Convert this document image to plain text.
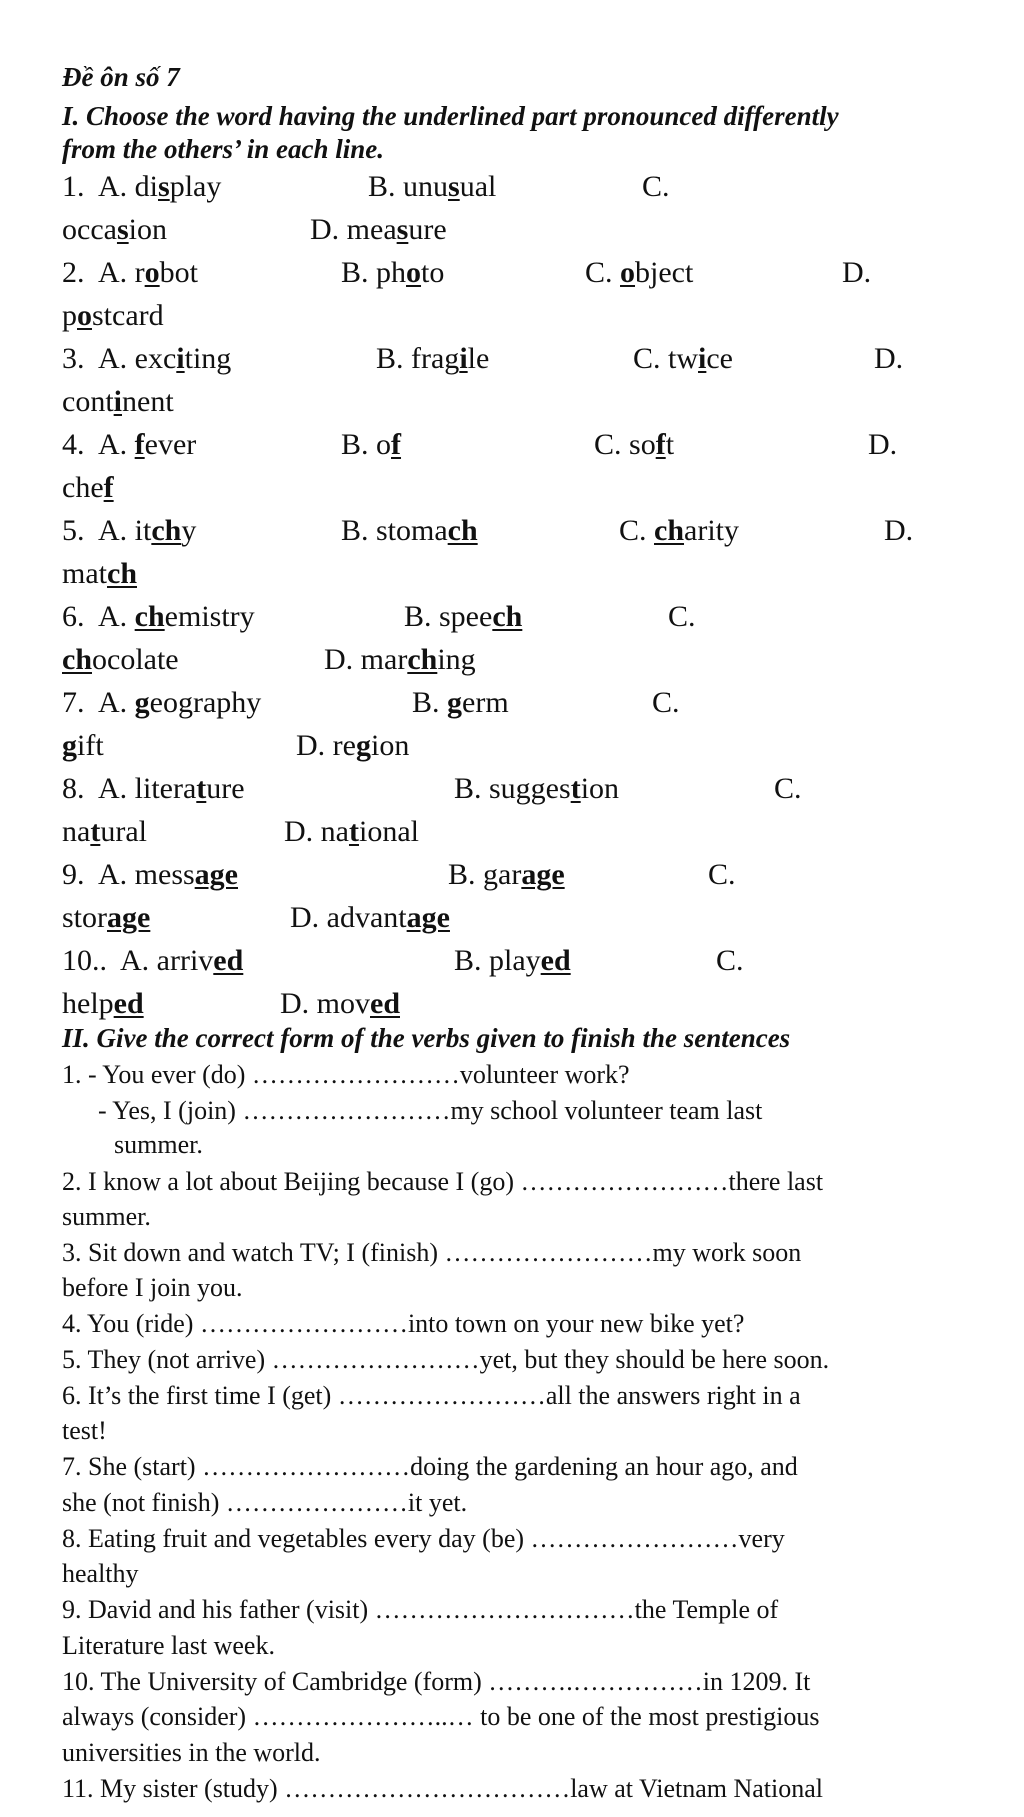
Đề ôn số 7
I. Choose the word having the underlined part pronounced differently
from the others’ in each line.
1. A. display	B. unusual	C.
occasion	D. measure
2. A. robot	B. photo	C. object	D.
postcard
3. A. exciting	B. fragile	C. twice	D.
continent
4. A. fever	B. of	C. soft	D.
chef
5. A. itchy	B. stomach	C. charity	D.
match
6. A. chemistry	B. speech	C.
chocolate	D. marching
7. A. geography	B. germ	C.
gift	D. region
8. A. literature	B. suggestion	C.
natural	D. national
9. A. message	B. garage	C.
storage	D. advantage
10.. A. arrived	B. played	C.
helped	D. moved
II. Give the correct form of the verbs given to finish the sentences
1. - You ever (do) ……………………volunteer work?
- Yes, I (join) ……………………my school volunteer team last
summer.
2. I know a lot about Beijing because I (go) ……………………there last
summer.
3. Sit down and watch TV; I (finish) ……………………my work soon
before I join you.
4. You (ride) ……………………into town on your new bike yet?
5. They (not arrive) ……………………yet, but they should be here soon.
6. It’s the first time I (get) ……………………all the answers right in a
test!
7. She (start) ……………………doing the gardening an hour ago, and
she (not finish) …………………it yet.
8. Eating fruit and vegetables every day (be) ……………………very
healthy
9. David and his father (visit) …………………………the Temple of
Literature last week.
10. The University of Cambridge (form) ……….……………in 1209. It
always (consider) …………………..… to be one of the most prestigious
universities in the world.
11. My sister (study) ……………………………law at Vietnam National
